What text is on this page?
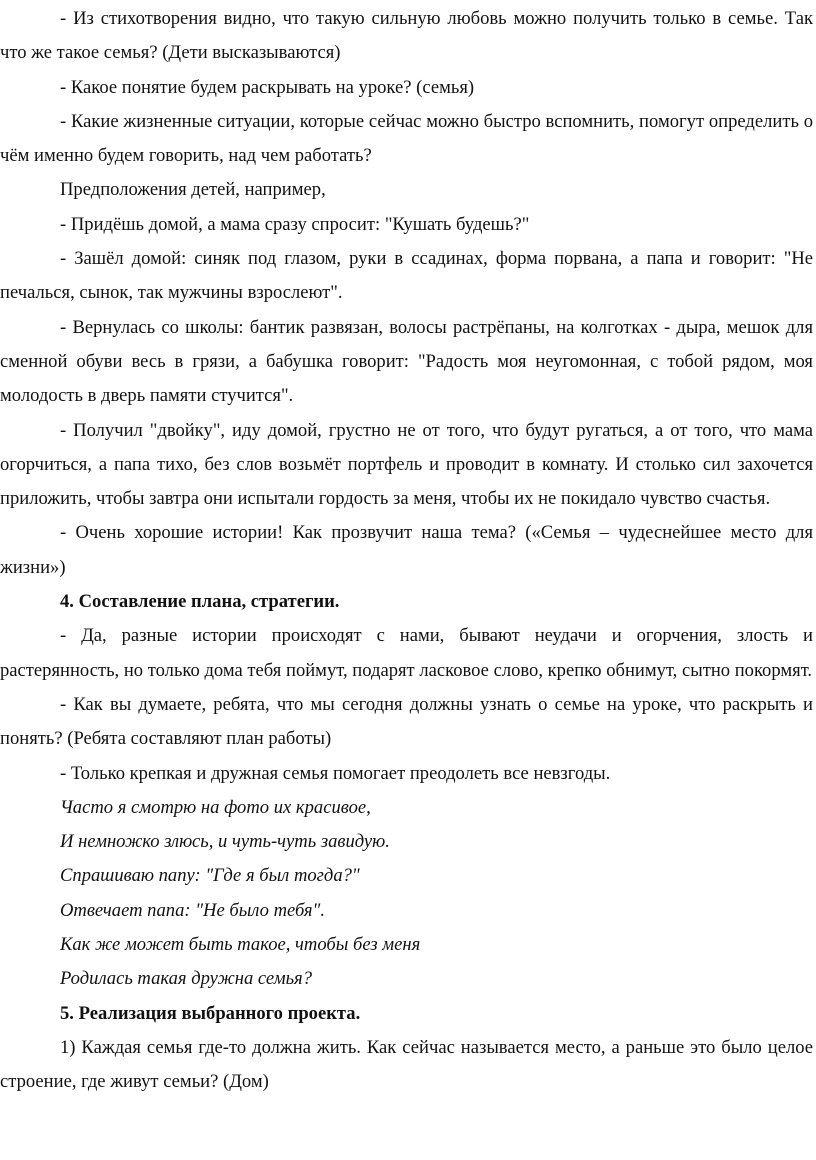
- Из стихотворения видно, что такую сильную любовь можно получить только в семье. Так что же такое семья? (Дети высказываются)

- Какое понятие будем раскрывать на уроке? (семья)

- Какие жизненные ситуации, которые сейчас можно быстро вспомнить, помогут определить о чём именно будем говорить, над чем работать?

Предположения детей, например,

- Придёшь домой, а мама сразу спросит: "Кушать будешь?"

- Зашёл домой: синяк под глазом, руки в ссадинах, форма порвана, а папа и говорит: "Не печалься, сынок, так мужчины взрослеют".

- Вернулась со школы: бантик развязан, волосы растрёпаны, на колготках - дыра, мешок для сменной обуви весь в грязи, а бабушка говорит: "Радость моя неугомонная, с тобой рядом, моя молодость в дверь памяти стучится".

- Получил "двойку", иду домой, грустно не от того, что будут ругаться, а от того, что мама огорчиться, а папа тихо, без слов возьмёт портфель и проводит в комнату. И столько сил захочется приложить, чтобы завтра они испытали гордость за меня, чтобы их не покидало чувство счастья.

- Очень хорошие истории! Как прозвучит наша тема? («Семья – чудеснейшее место для жизни»)

4. Составление плана, стратегии.

- Да, разные истории происходят с нами, бывают неудачи и огорчения, злость и растерянность, но только дома тебя поймут, подарят ласковое слово, крепко обнимут, сытно покормят.

- Как вы думаете, ребята, что мы сегодня должны узнать о семье на уроке, что раскрыть и понять? (Ребята составляют план работы)

- Только крепкая и дружная семья помогает преодолеть все невзгоды.

Часто я смотрю на фото их красивое,

И немножко злюсь, и чуть-чуть завидую.

Спрашиваю папу: "Где я был тогда?"

Отвечает папа: "Не было тебя".

Как же может быть такое, чтобы без меня

Родилась такая дружна семья?

5. Реализация выбранного проекта.

1) Каждая семья где-то должна жить. Как сейчас называется место, а раньше это было целое строение, где живут семьи? (Дом)
